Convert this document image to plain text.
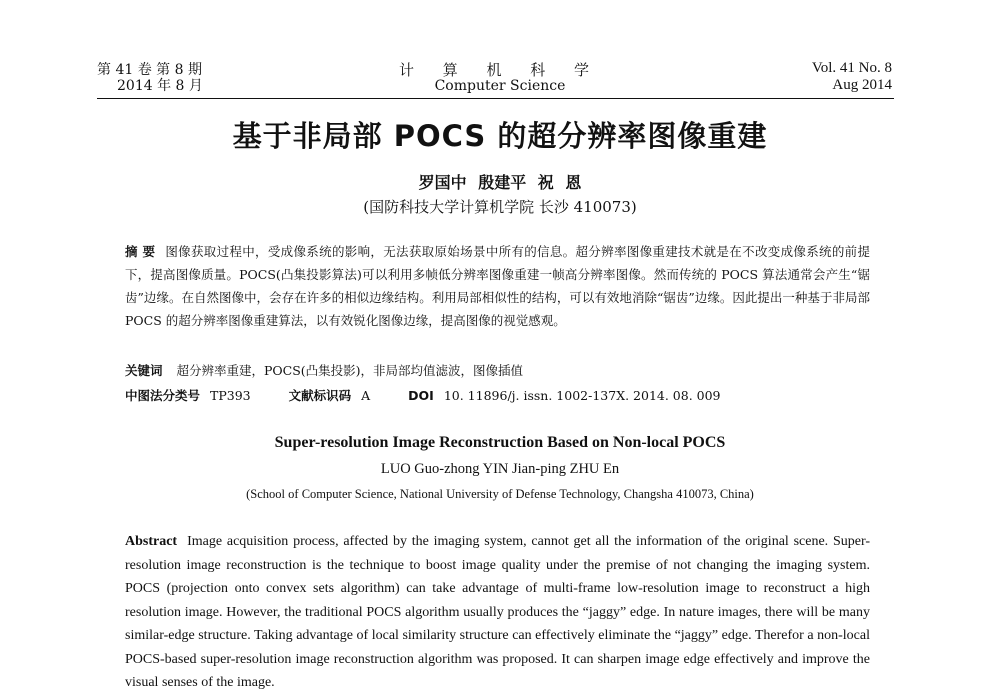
第 41 卷 第 8 期
2014 年 8 月
计 算 机 科 学
Computer Science
Vol. 41 No. 8
Aug 2014
基于非局部 POCS 的超分辨率图像重建
罗国中 殷建平 祝 恩
(国防科技大学计算机学院 长沙 410073)
摘 要 图像获取过程中，受成像系统的影响，无法获取原始场景中所有的信息。超分辨率图像重建技术就是在不改变成像系统的前提下，提高图像质量。POCS(凸集投影算法)可以利用多帧低分辨率图像重建一帧高分辨率图像。然而传统的 POCS 算法通常会产生“锯齿”边缘。在自然图像中，会存在许多的相似边缘结构。利用局部相似性的结构，可以有效地消除“锯齿”边缘。因此提出一种基于非局部 POCS 的超分辨率图像重建算法，以有效锐化图像边缘，提高图像的视觉感观。
关键词 超分辨率重建，POCS(凸集投影)，非局部均值滤波，图像插值
中图法分类号 TP393	文献标识码 A	DOI 10. 11896/j. issn. 1002-137X. 2014. 08. 009
Super-resolution Image Reconstruction Based on Non-local POCS
LUO Guo-zhong YIN Jian-ping ZHU En
(School of Computer Science, National University of Defense Technology, Changsha 410073, China)
Abstract Image acquisition process, affected by the imaging system, cannot get all the information of the original scene. Super-resolution image reconstruction is the technique to boost image quality under the premise of not changing the imaging system. POCS (projection onto convex sets algorithm) can take advantage of multi-frame low-resolution image to reconstruct a high resolution image. However, the traditional POCS algorithm usually produces the “jaggy” edge. In nature images, there will be many similar-edge structure. Taking advantage of local similarity structure can effectively eliminate the “jaggy” edge. Therefor a non-local POCS-based super-resolution image reconstruction algorithm was proposed. It can sharpen image edge effectively and improve the visual senses of the image.
